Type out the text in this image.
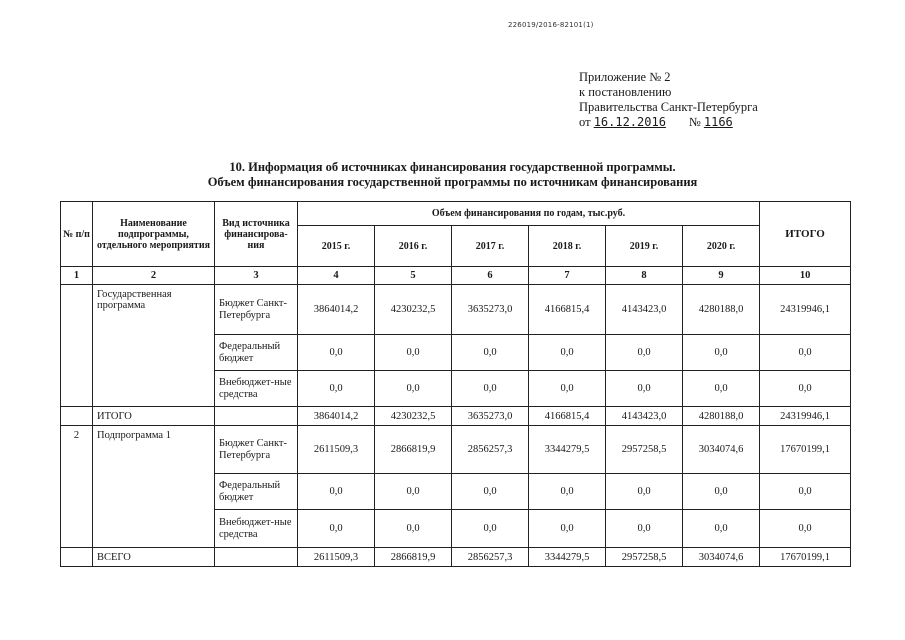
226019/2016-82101(1)
Приложение № 2
к постановлению
Правительства Санкт-Петербурга
от 16.12.2016 № 1166
10. Информация об источниках финансирования государственной программы.
Объем финансирования государственной программы по источникам финансирования
№ п/п	Наименование подпрограммы, отдельного мероприятия	Вид источника финансирова-ния	Объем финансирования по годам, тыс.руб.						ИТОГО
			2015 г.	2016 г.	2017 г.	2018 г.	2019 г.	2020 г.	
1	2	3	4	5	6	7	8	9	10
	Государственная программа	Бюджет Санкт-Петербурга	3864014,2	4230232,5	3635273,0	4166815,4	4143423,0	4280188,0	24319946,1
		Федеральный бюджет	0,0	0,0	0,0	0,0	0,0	0,0	0,0
		Внебюджет-ные средства	0,0	0,0	0,0	0,0	0,0	0,0	0,0
	ИТОГО		3864014,2	4230232,5	3635273,0	4166815,4	4143423,0	4280188,0	24319946,1
2	Подпрограмма 1	Бюджет Санкт-Петербурга	2611509,3	2866819,9	2856257,3	3344279,5	2957258,5	3034074,6	17670199,1
		Федеральный бюджет	0,0	0,0	0,0	0,0	0,0	0,0	0,0
		Внебюджет-ные средства	0,0	0,0	0,0	0,0	0,0	0,0	0,0
	ВСЕГО		2611509,3	2866819,9	2856257,3	3344279,5	2957258,5	3034074,6	17670199,1
